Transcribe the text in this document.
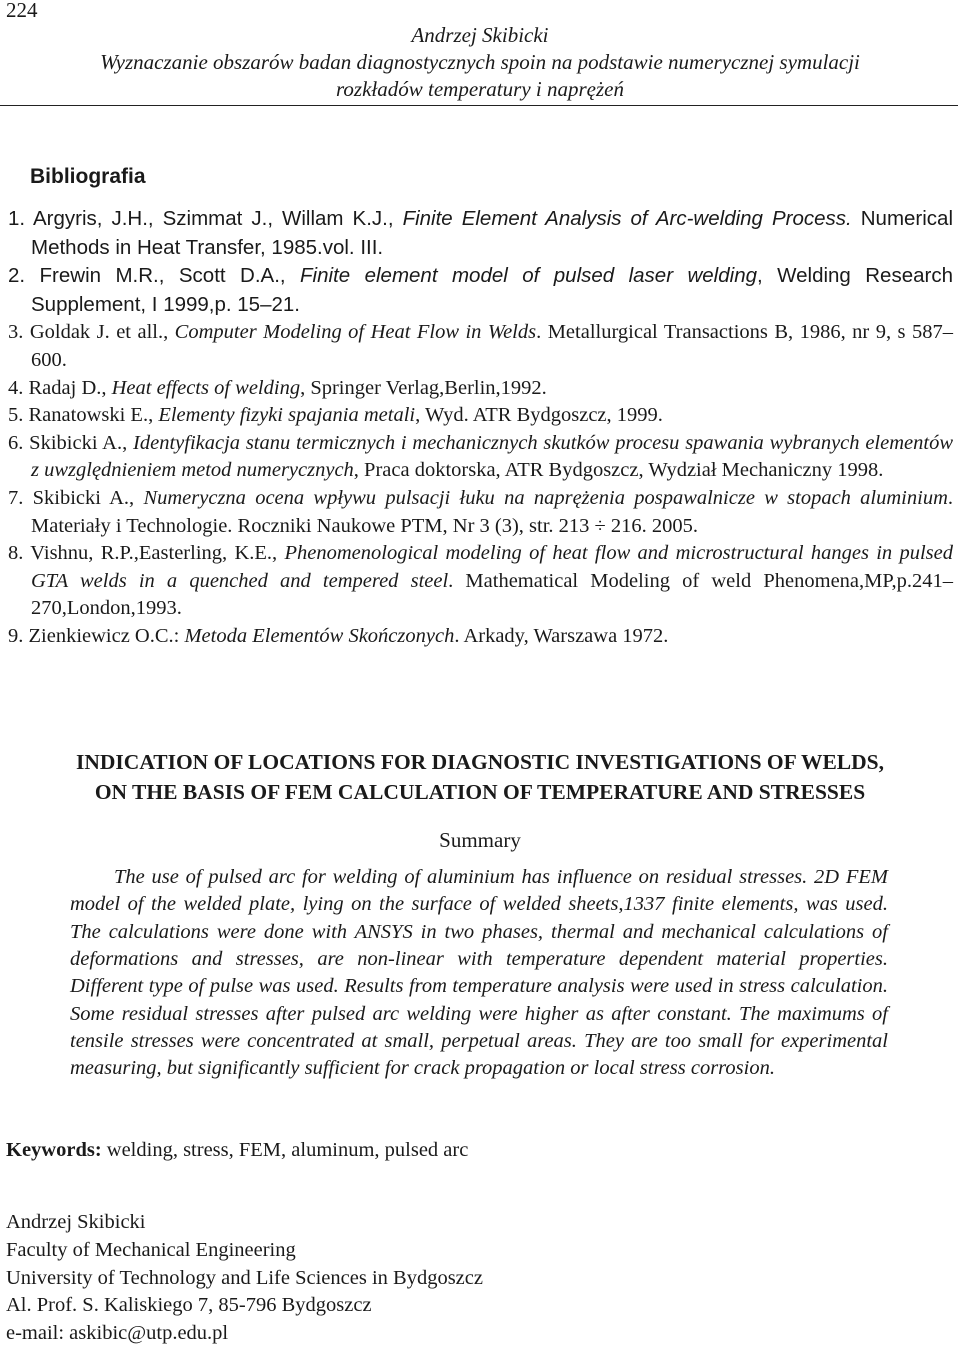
224
Andrzej Skibicki
Wyznaczanie obszarów badan diagnostycznych spoin na podstawie numerycznej symulacji
rozkładów temperatury i naprężeń
Bibliografia
1. Argyris, J.H., Szimmat J., Willam K.J., Finite Element Analysis of Arc-welding Process. Numerical Methods in Heat Transfer, 1985.vol. III.
2. Frewin M.R., Scott D.A., Finite element model of pulsed laser welding, Welding Research Supplement, I 1999,p. 15–21.
3. Goldak J. et all., Computer Modeling of Heat Flow in Welds. Metallurgical Transactions B, 1986, nr 9, s 587–600.
4. Radaj D., Heat effects of welding, Springer Verlag,Berlin,1992.
5. Ranatowski E., Elementy fizyki spajania metali, Wyd. ATR Bydgoszcz, 1999.
6. Skibicki A., Identyfikacja stanu termicznych i mechanicznych skutków procesu spawania wybranych elementów z uwzględnieniem metod numerycznych, Praca doktorska, ATR Bydgoszcz, Wydział Mechaniczny 1998.
7. Skibicki A., Numeryczna ocena wpływu pulsacji łuku na naprężenia pospawalnicze w stopach aluminium. Materiały i Technologie. Roczniki Naukowe PTM, Nr 3 (3), str. 213 ÷ 216. 2005.
8. Vishnu, R.P.,Easterling, K.E., Phenomenological modeling of heat flow and microstructural hanges in pulsed GTA welds in a quenched and tempered steel. Mathematical Modeling of weld Phenomena,MP,p.241–270,London,1993.
9. Zienkiewicz O.C.: Metoda Elementów Skończonych. Arkady, Warszawa 1972.
INDICATION OF LOCATIONS FOR DIAGNOSTIC INVESTIGATIONS OF WELDS,
ON THE BASIS OF FEM CALCULATION OF TEMPERATURE AND STRESSES
Summary

The use of pulsed arc for welding of aluminium has influence on residual stresses. 2D FEM model of the welded plate, lying on the surface of welded sheets,1337 finite elements, was used. The calculations were done with ANSYS in two phases, thermal and mechanical calculations of deformations and stresses, are non-linear with temperature dependent material properties. Different type of pulse was used. Results from temperature analysis were used in stress calculation. Some residual stresses after pulsed arc welding were higher as after constant. The maximums of tensile stresses were concentrated at small, perpetual areas. They are too small for experimental measuring, but significantly sufficient for crack propagation or local stress corrosion.

Keywords: welding, stress, FEM, aluminum, pulsed arc
Andrzej Skibicki
Faculty of Mechanical Engineering
University of Technology and Life Sciences in Bydgoszcz
Al. Prof. S. Kaliskiego 7, 85-796 Bydgoszcz
e-mail: askibic@utp.edu.pl
